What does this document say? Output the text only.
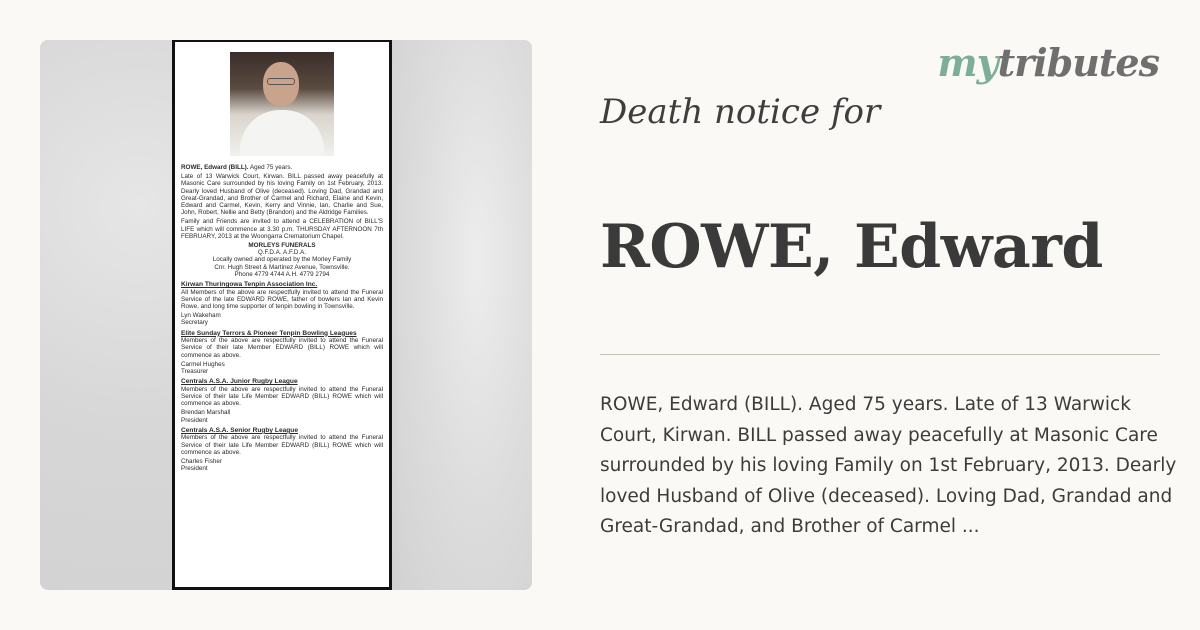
ROWE, Edward (BILL). Aged 75 years.

Late of 13 Warwick Court, Kirwan. BILL passed away peacefully at Masonic Care surrounded by his loving Family on 1st February, 2013. Dearly loved Husband of Olive (deceased). Loving Dad, Grandad and Great-Grandad, and Brother of Carmel and Richard, Elaine and Kevin, Edward and Carmel, Kevin, Kerry and Vinnie, Ian, Charlie and Sue, John, Robert, Nellie and Betty (Brandon) and the Aldridge Families.

Family and Friends are invited to attend a CELEBRATION of BILL'S LIFE which will commence at 3.30 p.m. THURSDAY AFTERNOON 7th FEBRUARY, 2013 at the Woongarra Crematorium Chapel.

MORLEYS FUNERALS
Q.F.D.A. A.F.D.A.
Locally owned and operated by the Morley Family
Cnr. Hugh Street & Martinez Avenue, Townsville.
Phone 4779 4744 A.H. 4779 2794
Kirwan Thuringowa Tenpin Association Inc.

All Members of the above are respectfully invited to attend the Funeral Service of the late EDWARD ROWE, father of bowlers Ian and Kevin Rowe, and long time supporter of tenpin bowling in Townsville.

Lyn Wakeham
Secretary
Elite Sunday Terrors & Pioneer Tenpin Bowling Leagues

Members of the above are respectfully invited to attend the Funeral Service of their late Member EDWARD (BILL) ROWE which will commence as above.

Carmel Hughes
Treasurer
Centrals A.S.A. Junior Rugby League

Members of the above are respectfully invited to attend the Funeral Service of their late Life Member EDWARD (BILL) ROWE which will commence as above.

Brendan Marshall
President
Centrals A.S.A. Senior Rugby League

Members of the above are respectfully invited to attend the Funeral Service of their late Life Member EDWARD (BILL) ROWE which will commence as above.

Charles Fisher
President
mytributes
Death notice for
ROWE, Edward

ROWE, Edward (BILL). Aged 75 years. Late of 13 Warwick Court, Kirwan. BILL passed away peacefully at Masonic Care surrounded by his loving Family on 1st February, 2013. Dearly loved Husband of Olive (deceased). Loving Dad, Grandad and Great-Grandad, and Brother of Carmel ...
